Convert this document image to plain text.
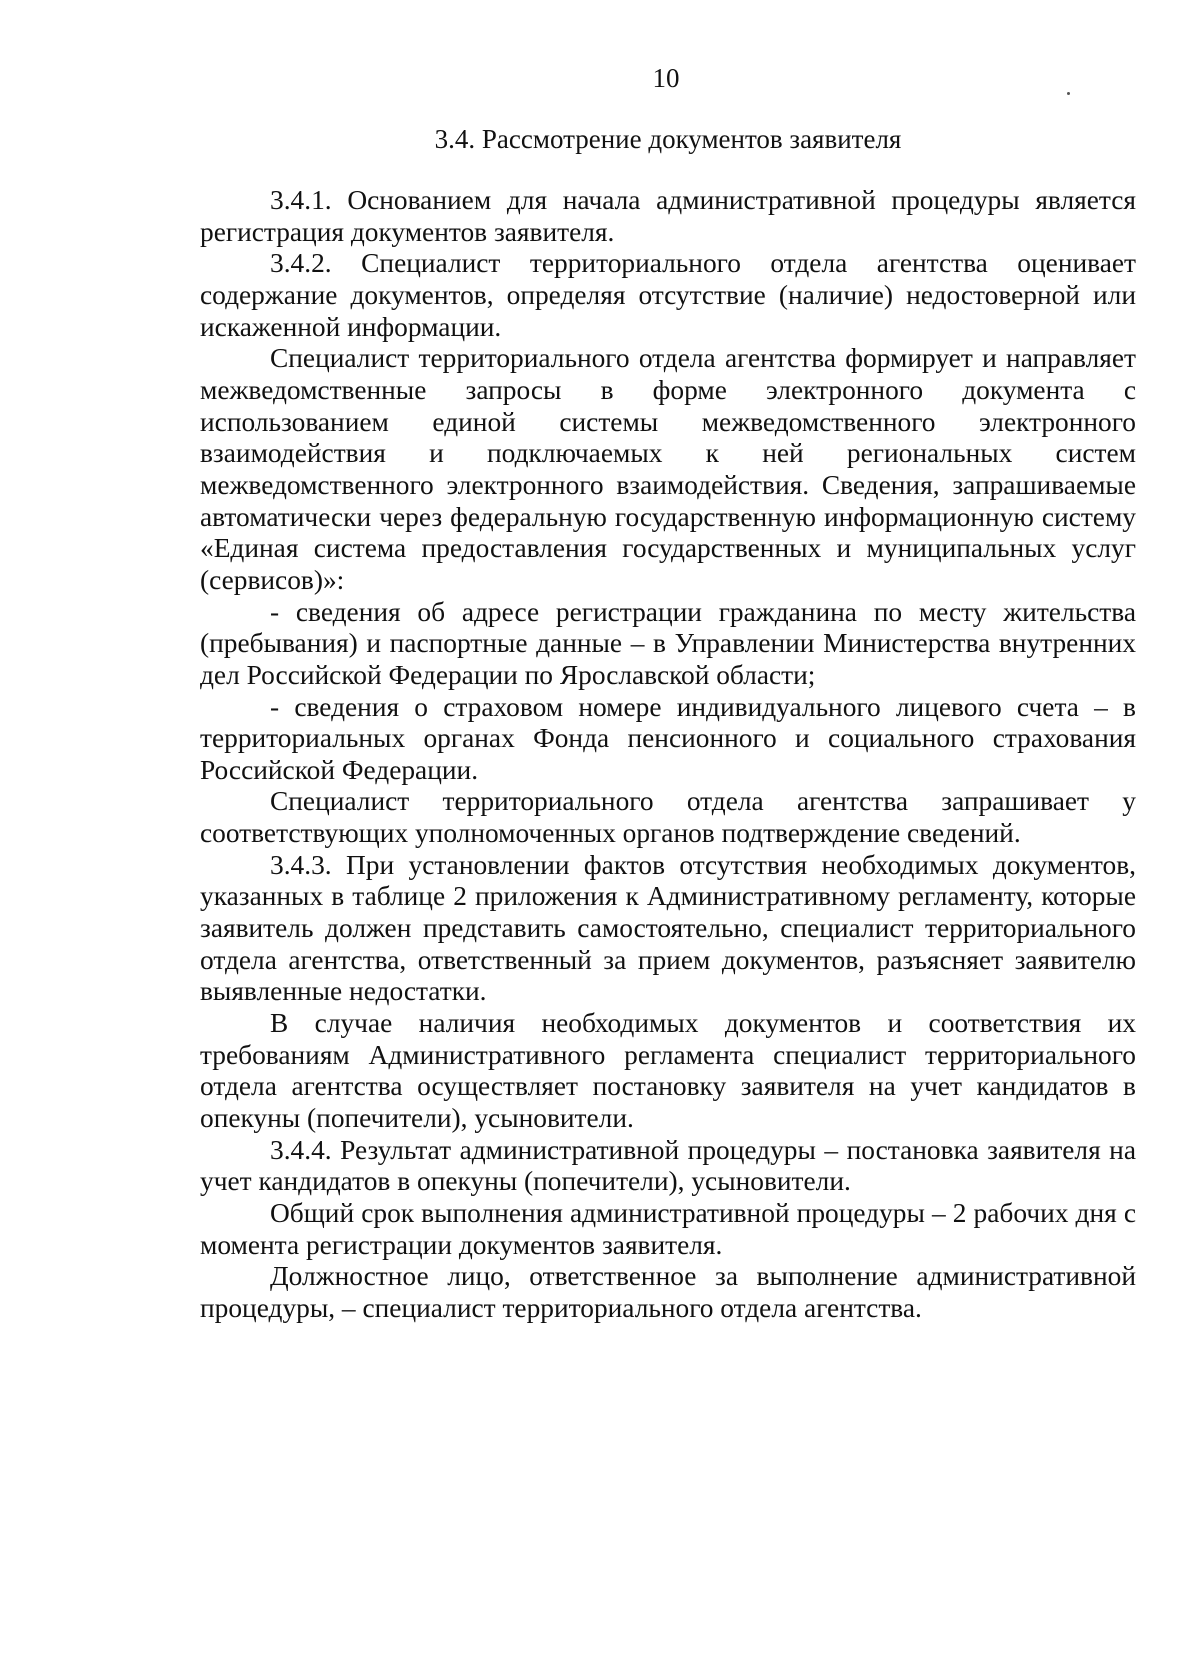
10
3.4. Рассмотрение документов заявителя

3.4.1. Основанием для начала административной процедуры является регистрация документов заявителя.

3.4.2. Специалист территориального отдела агентства оценивает содержание документов, определяя отсутствие (наличие) недостоверной или искаженной информации.

Специалист территориального отдела агентства формирует и направляет межведомственные запросы в форме электронного документа с использованием единой системы межведомственного электронного взаимодействия и подключаемых к ней региональных систем межведомственного электронного взаимодействия. Сведения, запрашиваемые автоматически через федеральную государственную информационную систему «Единая система предоставления государственных и муниципальных услуг (сервисов)»:

- сведения об адресе регистрации гражданина по месту жительства (пребывания) и паспортные данные – в Управлении Министерства внутренних дел Российской Федерации по Ярославской области;

- сведения о страховом номере индивидуального лицевого счета – в территориальных органах Фонда пенсионного и социального страхования Российской Федерации.

Специалист территориального отдела агентства запрашивает у соответствующих уполномоченных органов подтверждение сведений.

3.4.3. При установлении фактов отсутствия необходимых документов, указанных в таблице 2 приложения к Административному регламенту, которые заявитель должен представить самостоятельно, специалист территориального отдела агентства, ответственный за прием документов, разъясняет заявителю выявленные недостатки.

В случае наличия необходимых документов и соответствия их требованиям Административного регламента специалист территориального отдела агентства осуществляет постановку заявителя на учет кандидатов в опекуны (попечители), усыновители.

3.4.4. Результат административной процедуры – постановка заявителя на учет кандидатов в опекуны (попечители), усыновители.

Общий срок выполнения административной процедуры – 2 рабочих дня с момента регистрации документов заявителя.

Должностное лицо, ответственное за выполнение административной процедуры, – специалист территориального отдела агентства.
